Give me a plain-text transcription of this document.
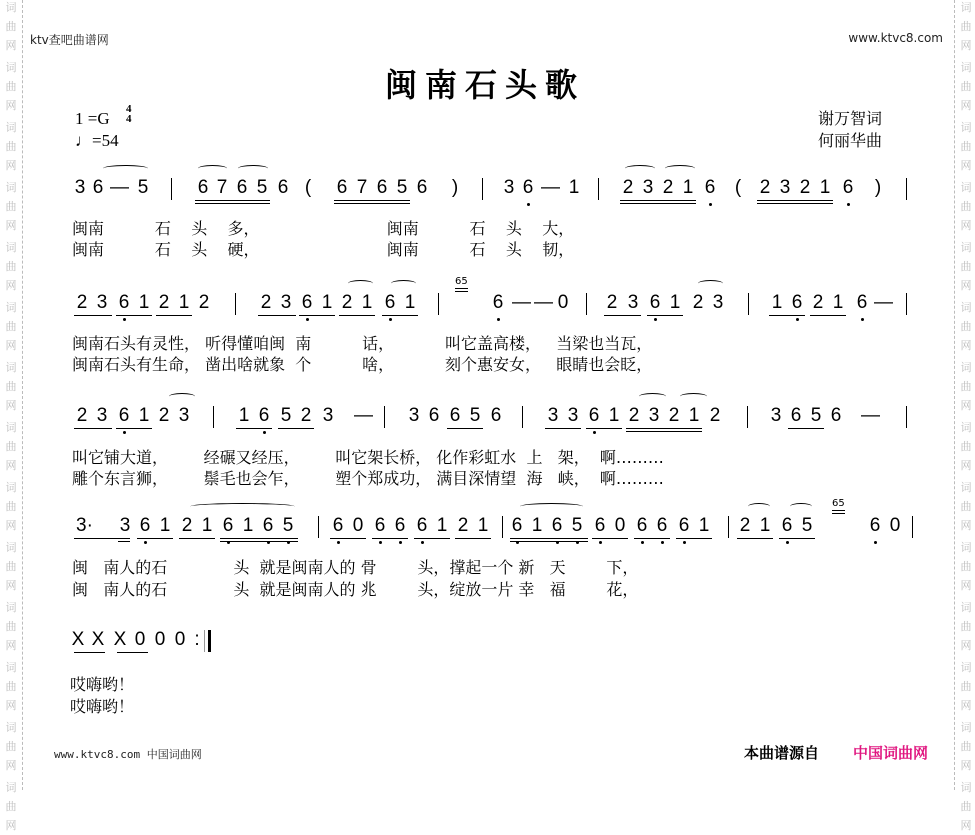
词
曲
网
词
曲
网
词
曲
网
词
曲
网
词
曲
网
词
曲
网
词
曲
网
词
曲
网
词
曲
网
词
曲
网
词
曲
网
词
曲
网
词
曲
网
词
曲
网
词
曲
网
词
曲
网
词
曲
网
词
曲
网
词
曲
网
词
曲
网
词
曲
网
词
曲
网
词
曲
网
词
曲
网
词
曲
网
词
曲
网
词
曲
网
词
曲
网
ktv查吧曲谱网	www.ktvc8.com
闽南石头歌
1 =G 4
4
♩=54
谢万智词
何丽华曲
3 6 — 5	6 7 6 5 6 ( 6 7 6 5 6 ) 3 6 — 1 2 3 2 1 6 ( 2 3 2 1 6 )
闽南          石    头    多，                         闽南          石    头    大，
闽南          石    头    硬，                         闽南          石    头    韧，
2 3 6 1 2 1 2	2 3 6 1 2 1 6 1	6 — — 0 2 3 6 1 2 3	1 6 2 1 6 —
65
闽南石头有灵性， 听得懂咱闽  南          话，          叫它盖高楼，   当梁也当瓦，
闽南石头有生命， 凿出啥就象  个          啥，          刻个惠安女，   眼睛也会眨，
2 3 6 1 2 3	1 6 5 2 3 — 3 6 6 5 6 3 3 6 1 2 3 2 1 2	3 6 5 6 —
叫它铺大道，       经碾又经压，       叫它架长桥， 化作彩虹水  上   架，  啊………
雕个东言狮，       鬃毛也会乍，       塑个郑成功， 满目深情望  海   峡，  啊………
3· 3 6 1 2 1 6 1 6 5 6 0 6 6 6 1 2 1 6 1 6 5 6 0 6 6 6 1 2 1 6 5	6 0
65
闽   南人的石             头  就是闽南人的 骨        头，撑起一个 新   天        下，
闽   南人的石             头  就是闽南人的 兆        头，绽放一片 幸   福        花，
X X X 0 0 0 :
哎嗨哟！
哎嗨哟！
www.ktvc8.com 中国词曲网	本曲谱源自 中国词曲网
